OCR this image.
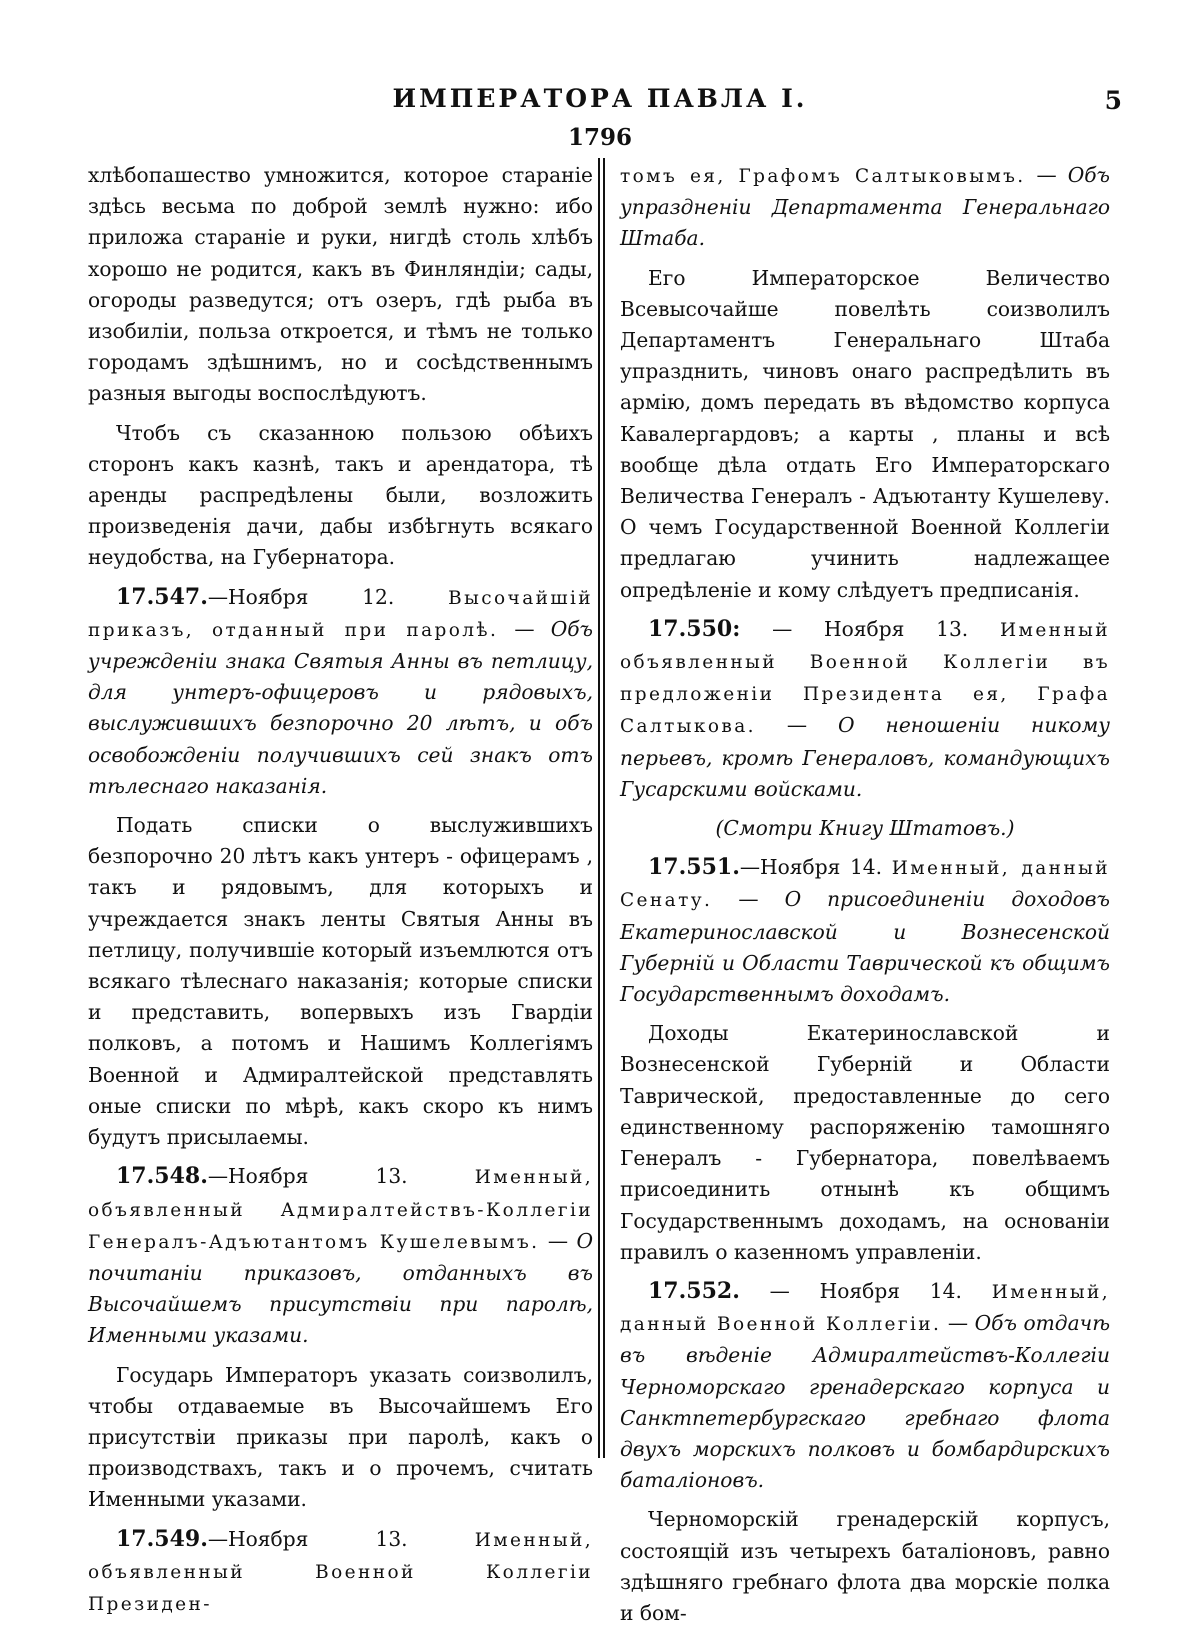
ИМПЕРАТОРА ПАВЛА I.	5
1796

хлѣбопашество умножится, которое стараніе здѣсь весьма по доброй землѣ нужно: ибо приложа стараніе и руки, нигдѣ столь хлѣбъ хорошо не родится, какъ въ Финляндіи; сады, огороды разведутся; отъ озеръ, гдѣ рыба въ изобиліи, польза откроется, и тѣмъ не только городамъ здѣшнимъ, но и сосѣдственнымъ разныя выгоды воспослѣдуютъ.

Чтобъ съ сказанною пользою обѣихъ сторонъ какъ казнѣ, такъ и арендатора, тѣ аренды распредѣлены были, возложить произведенія дачи, дабы избѣгнуть всякаго неудобства, на Губернатора.

17.547.—Ноября 12.	Высочайшій приказъ, отданный при паролѣ. — Объ учрежденіи знака Святыя Анны въ петлицу, для унтеръ-офицеровъ и рядовыхъ, выслужившихъ безпорочно 20 лѣтъ, и объ освобожденіи получившихъ сей знакъ отъ тѣлеснаго наказанія.

Подать списки о выслужившихъ безпорочно 20 лѣтъ какъ унтеръ - офицерамъ , такъ и рядовымъ, для которыхъ и учреждается знакъ ленты Святыя Анны въ петлицу, получившіе который изъемлются отъ всякаго тѣлеснаго наказанія; которые списки и представить, вопервыхъ изъ Гвардіи полковъ, а потомъ и Нашимъ Коллегіямъ Военной и Адмиралтейской представлять оные списки по мѣрѣ, какъ скоро къ нимъ будутъ присылаемы.

17.548.—Ноября 13.	Именный, объявленный Адмиралтействъ-Коллегіи Генералъ-Адъютантомъ Кушелевымъ. — О почитаніи приказовъ, отданныхъ въ Высочайшемъ присутствіи при паролѣ, Именными указами.

Государь Императоръ указать соизволилъ, чтобы отдаваемые въ Высочайшемъ Его присутствіи приказы при паролѣ, какъ о производствахъ, такъ и о прочемъ, считать Именными указами.

17.549.—Ноября 13.	Именный, объявленный Военной Коллегіи Президен-

томъ ея, Графомъ Салтыковымъ. — Объ упраздненіи Департамента Генеральнаго Штаба.

Его Императорское Величество Всевысочайше повелѣть соизволилъ Департаментъ Генеральнаго Штаба упразднить, чиновъ онаго распредѣлить въ армію, домъ передать въ вѣдомство корпуса Кавалергардовъ; а карты , планы и всѣ вообще дѣла отдать Его Императорскаго Величества Генералъ - Адъютанту Кушелеву. О чемъ Государственной Военной Коллегіи предлагаю учинить надлежащее опредѣленіе и кому слѣдуетъ предписанія.

17.550: — Ноября 13. Именный объявленный Военной Коллегіи въ предложеніи Президента ея, Графа Салтыкова. — О неношеніи никому перьевъ, кромѣ Генераловъ, командующихъ Гусарскими войсками.

(Смотри Книгу Штатовъ.)

17.551.—Ноября 14. Именный, данный Сенату. — О присоединеніи доходовъ Екатеринославской и Вознесенской Губерній и Области Таврической къ общимъ Государственнымъ доходамъ.

Доходы Екатеринославской и Вознесенской Губерній и Области Таврической, предоставленные до сего единственному распоряженію тамошняго Генералъ - Губернатора, повелѣваемъ присоединить отнынѣ къ общимъ Государственнымъ доходамъ, на основаніи правилъ о казенномъ управленіи.

17.552. — Ноября 14. Именный, данный Военной Коллегіи. — Объ отдачѣ въ вѣденіе Адмиралтействъ-Коллегіи Черноморскаго гренадерскаго корпуса и Санктпетербургскаго гребнаго флота двухъ морскихъ полковъ и бомбардирскихъ баталіоновъ.

Черноморскій гренадерскій корпусъ, состоящій изъ четырехъ баталіоновъ, равно здѣшняго гребнаго флота два морскіе полка и бом-
